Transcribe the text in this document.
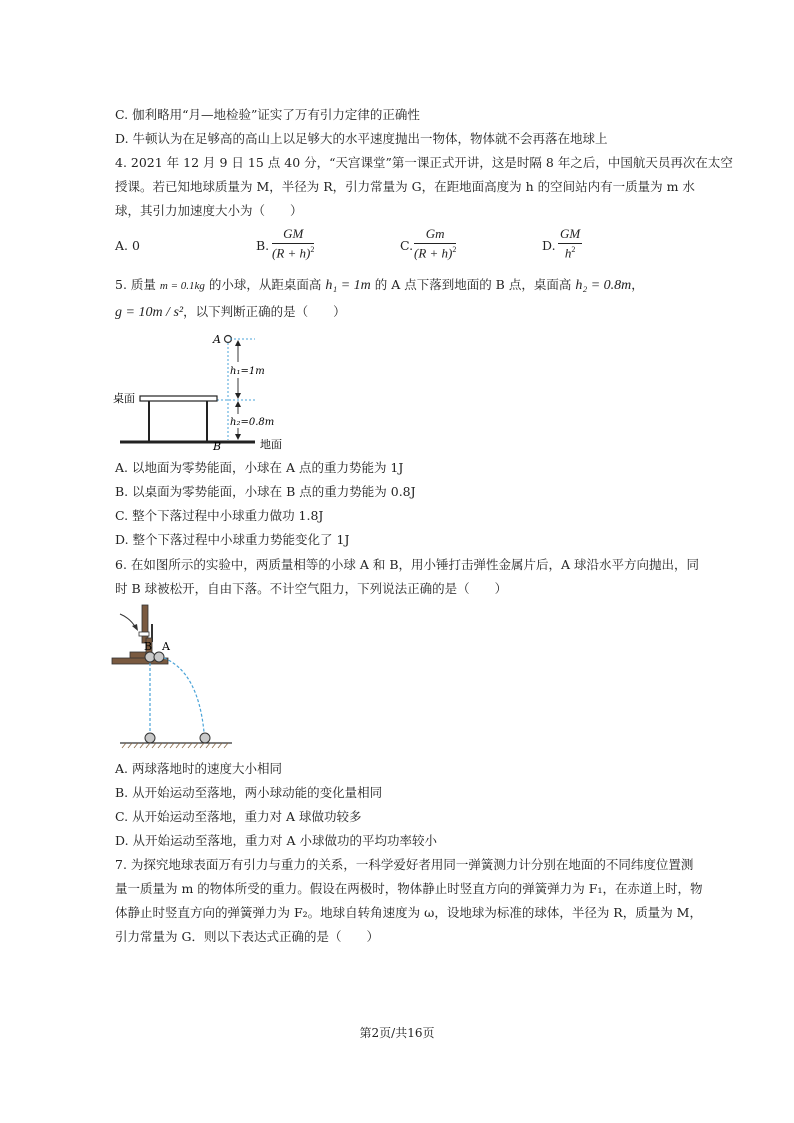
C. 伽利略用“月—地检验”证实了万有引力定律的正确性
D. 牛顿认为在足够高的高山上以足够大的水平速度抛出一物体，物体就不会再落在地球上
4. 2021 年 12 月 9 日 15 点 40 分，“天宫课堂”第一课正式开讲，这是时隔 8 年之后，中国航天员再次在太空
授课。若已知地球质量为 M，半径为 R，引力常量为 G，在距地面高度为 h 的空间站内有一质量为 m 水
球，其引力加速度大小为（　　）
A. 0	B. $\frac{GM}{(R + h)^2}$	C. $\frac{Gm}{(R + h)^2}$	D. $\frac{GM}{h^2}$
5. 质量 m = 0.1kg 的小球，从距桌面高 h₁ = 1m 的 A 点下落到地面的 B 点，桌面高 h₂ = 0.8m，
g = 10m / s²，以下判断正确的是（　　）
A
h₁=1m
h₂=0.8m
桌面
B	地面
A. 以地面为零势能面，小球在 A 点的重力势能为 1J
B. 以桌面为零势能面，小球在 B 点的重力势能为 0.8J
C. 整个下落过程中小球重力做功 1.8J
D. 整个下落过程中小球重力势能变化了 1J
6. 在如图所示的实验中，两质量相等的小球 A 和 B，用小锤打击弹性金属片后，A 球沿水平方向抛出，同
时 B 球被松开，自由下落。不计空气阻力，下列说法正确的是（　　）
B A
A. 两球落地时的速度大小相同
B. 从开始运动至落地，两小球动能的变化量相同
C. 从开始运动至落地，重力对 A 球做功较多
D. 从开始运动至落地，重力对 A 小球做功的平均功率较小
7. 为探究地球表面万有引力与重力的关系，一科学爱好者用同一弹簧测力计分别在地面的不同纬度位置测
量一质量为 m 的物体所受的重力。假设在两极时，物体静止时竖直方向的弹簧弹力为 F₁，在赤道上时，物
体静止时竖直方向的弹簧弹力为 F₂。地球自转角速度为 ω，设地球为标准的球体，半径为 R，质量为 M，
引力常量为 G．则以下表达式正确的是（　　）
第2页/共16页
